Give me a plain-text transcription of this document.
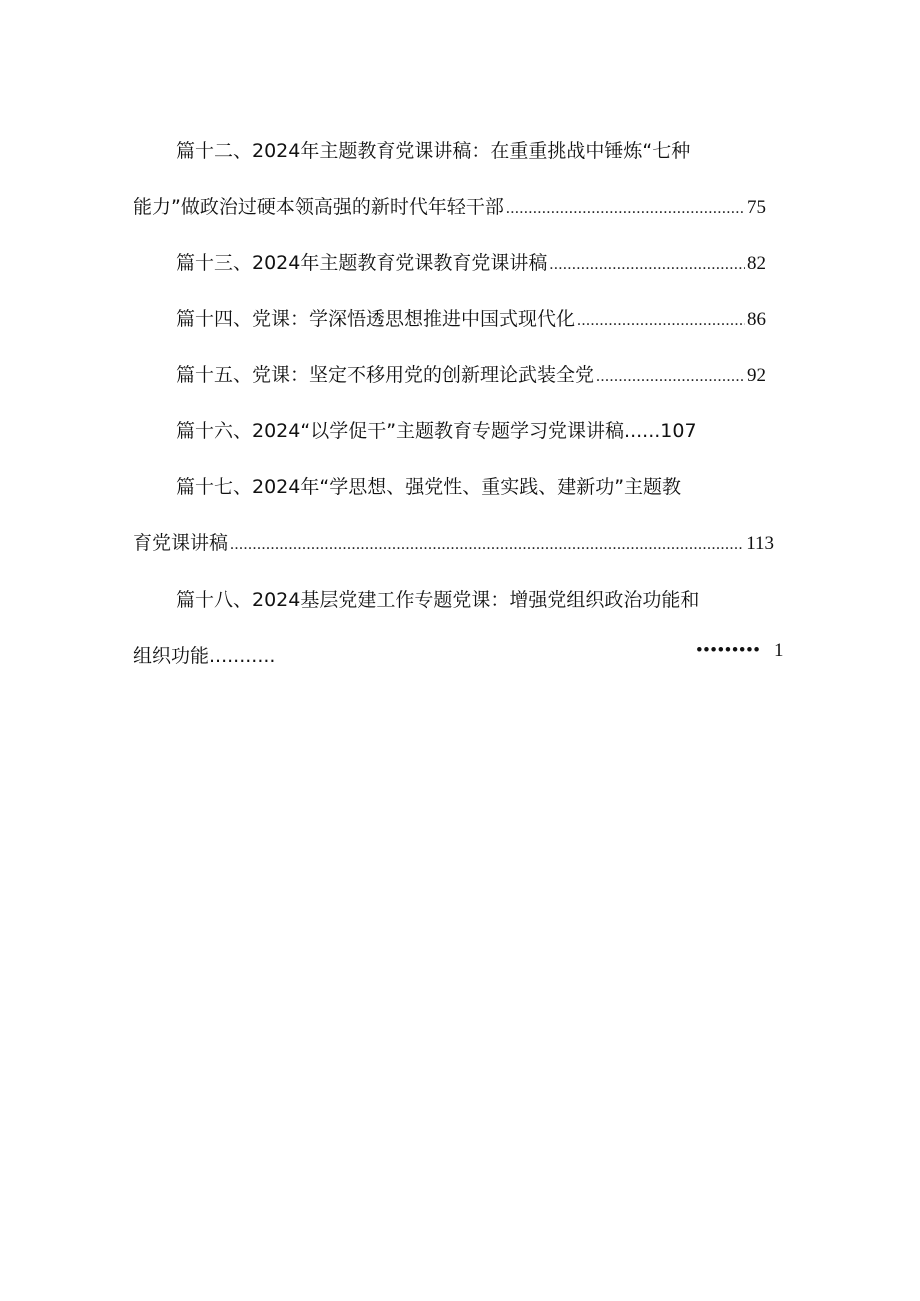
篇十二、2024年主题教育党课讲稿：在重重挑战中锤炼“七种
能力”做政治过硬本领高强的新时代年轻干部 .....	75
篇十三、2024年主题教育党课教育党课讲稿 .....	82
篇十四、党课：学深悟透思想推进中国式现代化 .....	86
篇十五、党课：坚定不移用党的创新理论武装全党 .....	92
篇十六、2024“以学促干”主题教育专题学习党课讲稿......107
篇十七、2024年“学思想、强党性、重实践、建新功”主题教
育党课讲稿 .....	113
篇十八、2024基层党建工作专题党课：增强党组织政治功能和
组织功能...........	••••••••• 1
